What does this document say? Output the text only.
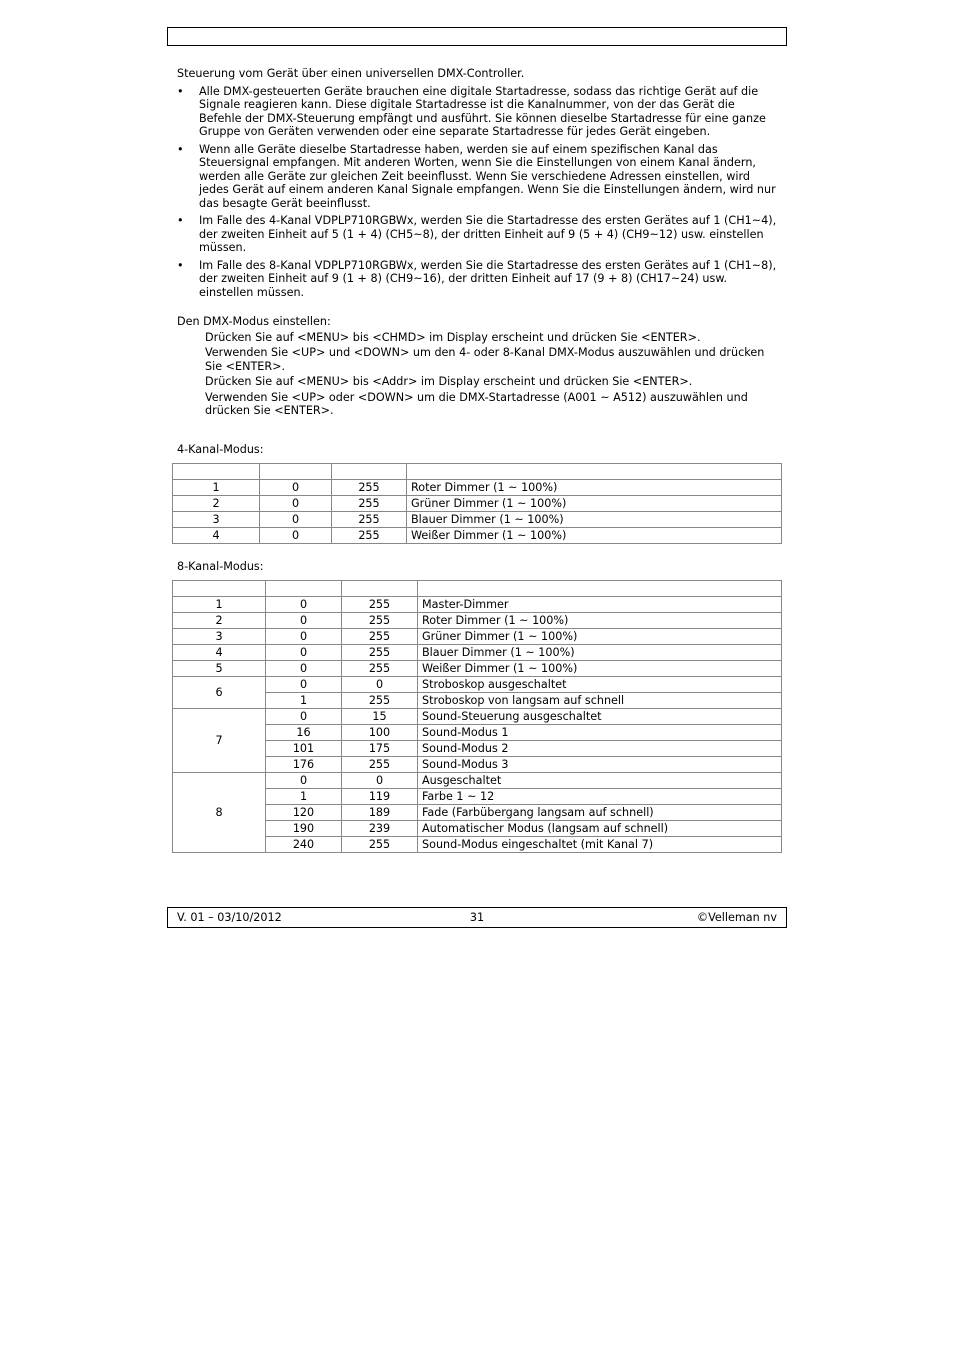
Steuerung vom Gerät über einen universellen DMX-Controller.

• Alle DMX-gesteuerten Geräte brauchen eine digitale Startadresse, sodass das richtige Gerät auf die Signale reagieren kann. Diese digitale Startadresse ist die Kanalnummer, von der das Gerät die Befehle der DMX-Steuerung empfängt und ausführt. Sie können dieselbe Startadresse für eine ganze Gruppe von Geräten verwenden oder eine separate Startadresse für jedes Gerät eingeben.
• Wenn alle Geräte dieselbe Startadresse haben, werden sie auf einem spezifischen Kanal das Steuersignal empfangen. Mit anderen Worten, wenn Sie die Einstellungen von einem Kanal ändern, werden alle Geräte zur gleichen Zeit beeinflusst. Wenn Sie verschiedene Adressen einstellen, wird jedes Gerät auf einem anderen Kanal Signale empfangen. Wenn Sie die Einstellungen ändern, wird nur das besagte Gerät beeinflusst.
• Im Falle des 4-Kanal VDPLP710RGBWx, werden Sie die Startadresse des ersten Gerätes auf 1 (CH1~4), der zweiten Einheit auf 5 (1 + 4) (CH5~8), der dritten Einheit auf 9 (5 + 4) (CH9~12) usw. einstellen müssen.
• Im Falle des 8-Kanal VDPLP710RGBWx, werden Sie die Startadresse des ersten Gerätes auf 1 (CH1~8), der zweiten Einheit auf 9 (1 + 8) (CH9~16), der dritten Einheit auf 17 (9 + 8) (CH17~24) usw. einstellen müssen.

Den DMX-Modus einstellen:

Drücken Sie auf <MENU> bis <CHMD> im Display erscheint und drücken Sie <ENTER>.
Verwenden Sie <UP> und <DOWN> um den 4- oder 8-Kanal DMX-Modus auszuwählen und drücken Sie <ENTER>.
Drücken Sie auf <MENU> bis <Addr> im Display erscheint und drücken Sie <ENTER>.
Verwenden Sie <UP> oder <DOWN> um die DMX-Startadresse (A001 ~ A512) auszuwählen und drücken Sie <ENTER>.
4-Kanal-Modus:

1	0	255	Roter Dimmer (1 ~ 100%)
2	0	255	Grüner Dimmer (1 ~ 100%)
3	0	255	Blauer Dimmer (1 ~ 100%)
4	0	255	Weißer Dimmer (1 ~ 100%)
8-Kanal-Modus:

1	0	255	Master-Dimmer
2	0	255	Roter Dimmer (1 ~ 100%)
3	0	255	Grüner Dimmer (1 ~ 100%)
4	0	255	Blauer Dimmer (1 ~ 100%)
5	0	255	Weißer Dimmer (1 ~ 100%)
6	0	0	Stroboskop ausgeschaltet
	1	255	Stroboskop von langsam auf schnell
7	0	15	Sound-Steuerung ausgeschaltet
	16	100	Sound-Modus 1
	101	175	Sound-Modus 2
	176	255	Sound-Modus 3
8	0	0	Ausgeschaltet
	1	119	Farbe 1 ~ 12
	120	189	Fade (Farbübergang langsam auf schnell)
	190	239	Automatischer Modus (langsam auf schnell)
	240	255	Sound-Modus eingeschaltet (mit Kanal 7)
V. 01 – 03/10/2012	31	©Velleman nv
